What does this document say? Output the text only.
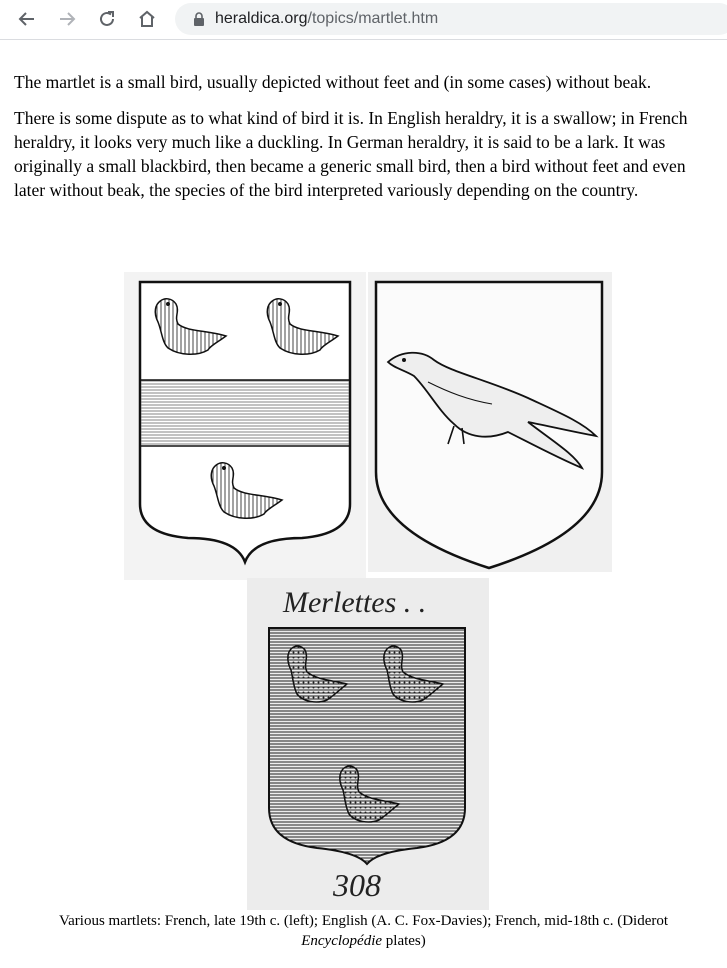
heraldica.org/topics/martlet.htm

The martlet is a small bird, usually depicted without feet and (in some cases) without beak.

There is some dispute as to what kind of bird it is. In English heraldry, it is a swallow; in French heraldry, it looks very much like a duckling. In German heraldry, it is said to be a lark. It was originally a small blackbird, then became a generic small bird, then a bird without feet and even later without beak, the species of the bird interpreted variously depending on the country.

Merlettes . .
308
Various martlets: French, late 19th c. (left); English (A. C. Fox-Davies); French, mid-18th c. (Diderot
Encyclopédie plates)
